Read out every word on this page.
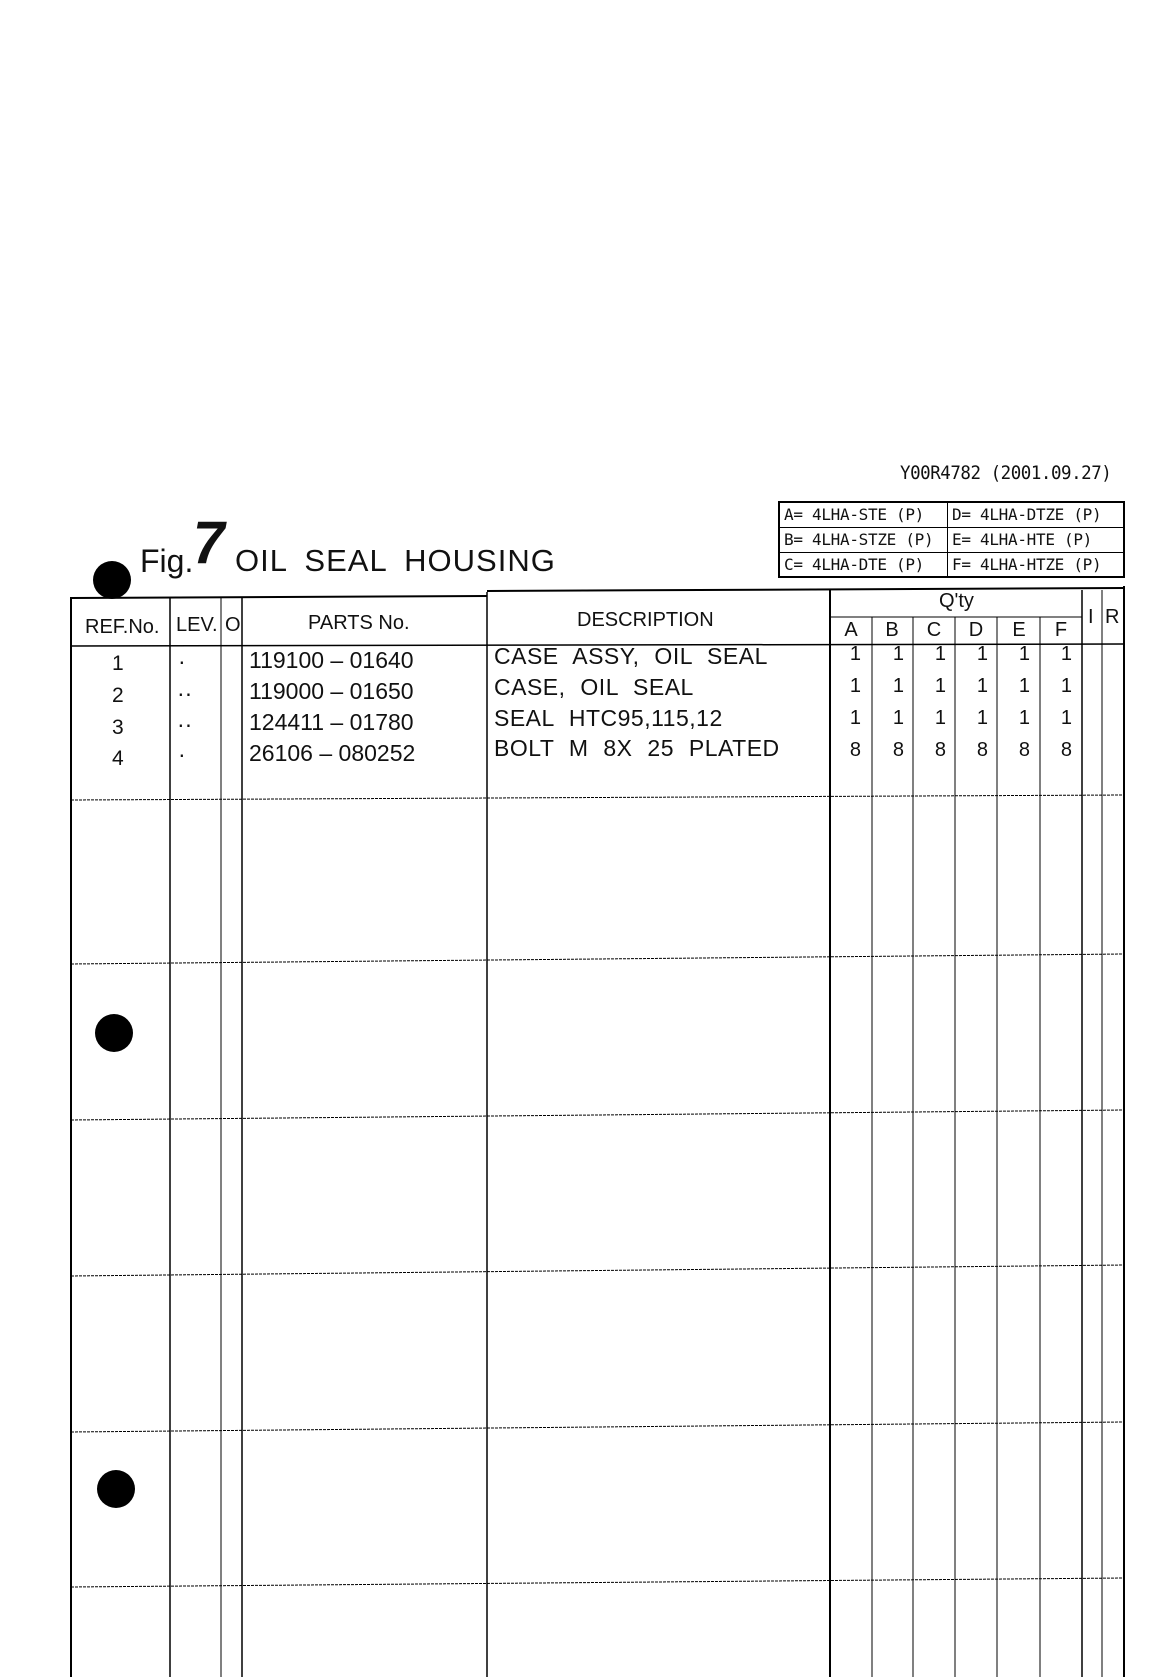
Y00R4782 (2001.09.27)
Fig. 7 OIL SEAL HOUSING
A= 4LHA-STE (P)	D= 4LHA-DTZE (P)
B= 4LHA-STZE (P)	E= 4LHA-HTE (P)
C= 4LHA-DTE (P)	F= 4LHA-HTZE (P)
REF.No. LEV. O	PARTS No.	DESCRIPTION
Q'ty
I R
A	B	C	D	E	F
1 ·	119100 – 01640	CASE ASSY, OIL SEAL	1	1	1	1	1	1
2 ·· 119000 – 01650	CASE, OIL SEAL	1	1	1	1	1	1
3 ·· 124411 – 01780	SEAL HTC95,115,12	1	1	1	1	1	1
4 ·	26106 – 080252	BOLT M 8X 25 PLATED	8	8	8	8	8	8
